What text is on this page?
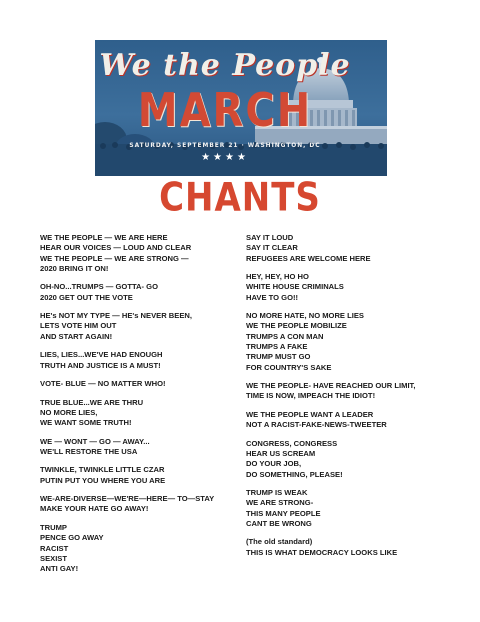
We the People
MARCH
SATURDAY, SEPTEMBER 21 · WASHINGTON, DC
★★★★
CHANTS
WE THE PEOPLE — WE ARE HERE
HEAR OUR VOICES — LOUD AND CLEAR
WE THE PEOPLE — WE ARE STRONG —
2020 BRING IT ON!
OH-NO...TRUMPS — GOTTA- GO
2020 GET OUT THE VOTE
HE's NOT MY TYPE — HE's NEVER BEEN,
LETS VOTE HIM OUT
AND START AGAIN!
LIES, LIES...WE'VE HAD ENOUGH
TRUTH AND JUSTICE IS A MUST!
VOTE- BLUE — NO MATTER WHO!
TRUE BLUE...WE ARE THRU
NO MORE LIES,
WE WANT SOME TRUTH!
WE — WONT — GO — AWAY...
WE'LL RESTORE THE USA
TWINKLE, TWINKLE LITTLE CZAR
PUTIN PUT YOU WHERE YOU ARE
WE-ARE-DIVERSE—WE'RE—HERE— TO—STAY
MAKE YOUR HATE GO AWAY!
TRUMP
PENCE GO AWAY
RACIST
SEXIST
ANTI GAY!
SAY IT LOUD
SAY IT CLEAR
REFUGEES ARE WELCOME HERE
HEY, HEY, HO HO
WHITE HOUSE CRIMINALS
HAVE TO GO!!
NO MORE HATE, NO MORE LIES
WE THE PEOPLE MOBILIZE
TRUMPS A CON MAN
TRUMPS A FAKE
TRUMP MUST GO
FOR COUNTRY'S SAKE
WE THE PEOPLE- HAVE REACHED OUR LIMIT,
TIME IS NOW, IMPEACH THE IDIOT!
WE THE PEOPLE WANT A LEADER
NOT A RACIST-FAKE-NEWS-TWEETER
CONGRESS, CONGRESS
HEAR US SCREAM
DO YOUR JOB,
DO SOMETHING, PLEASE!
TRUMP IS WEAK
WE ARE STRONG-
THIS MANY PEOPLE
CANT BE WRONG
(The old standard)
THIS IS WHAT DEMOCRACY LOOKS LIKE
